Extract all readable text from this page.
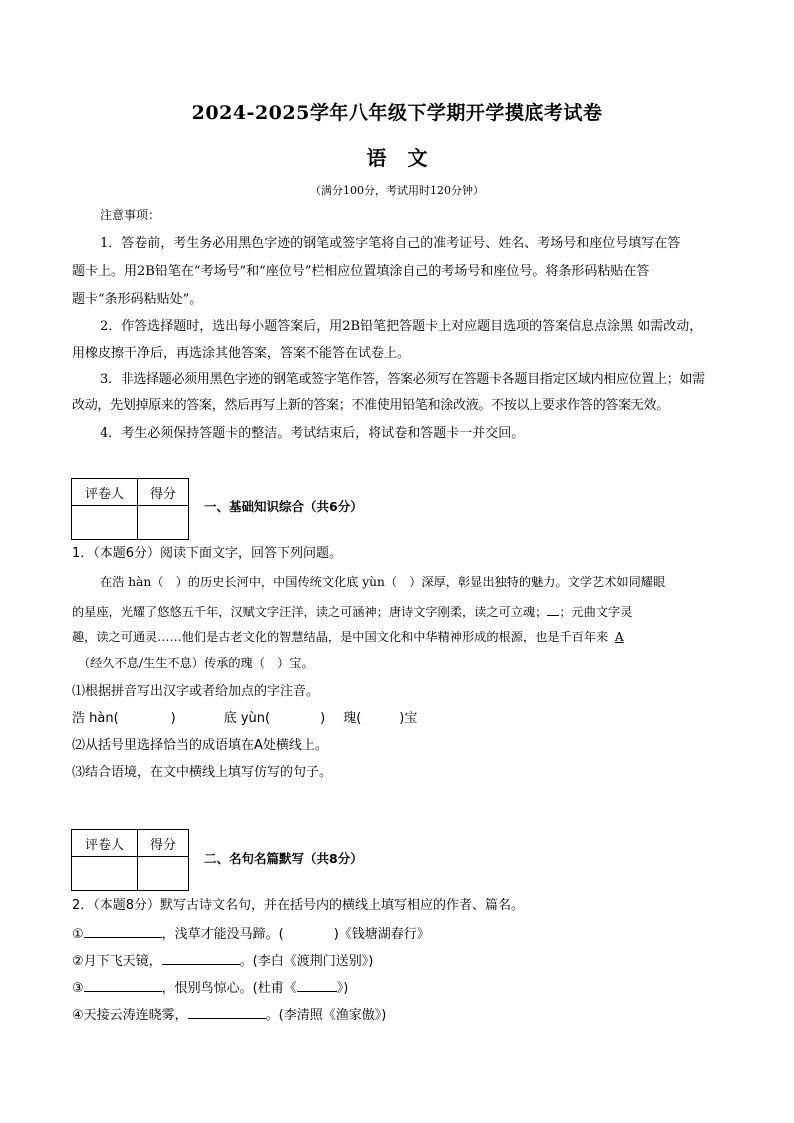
2024-2025学年八年级下学期开学摸底考试卷
语 文
（满分100分，考试用时120分钟）
注意事项：
1．答卷前，考生务必用黑色字迹的钢笔或签字笔将自己的准考证号、姓名、考场号和座位号填写在答
题卡上。用2B铅笔在“考场号”和“座位号”栏相应位置填涂自己的考场号和座位号。将条形码粘贴在答
题卡“条形码粘贴处”。
2．作答选择题时，选出每小题答案后，用2B铅笔把答题卡上对应题目选项的答案信息点涂黑 如需改动，
用橡皮擦干净后，再选涂其他答案，答案不能答在试卷上。
3．非选择题必须用黑色字迹的钢笔或签字笔作答，答案必须写在答题卡各题目指定区域内相应位置上；如需
改动，先划掉原来的答案，然后再写上新的答案；不准使用铅笔和涂改液。不按以上要求作答的答案无效。
4．考生必须保持答题卡的整洁。考试结束后，将试卷和答题卡一并交回。
评卷人	得分

一、基础知识综合（共6分）
1．（本题6分）阅读下面文字，回答下列问题。
在浩 hàn（　）的历史长河中，中国传统文化底 yùn（　）深厚，彰显出独特的魅力。文学艺术如同耀眼
的星座，光耀了悠悠五千年，汉赋文字汪洋，读之可涵神；唐诗文字刚柔，读之可立魂； ；元曲文字灵
趣，读之可通灵……他们是古老文化的智慧结晶，是中国文化和中华精神形成的根源，也是千百年来 A
（经久不息/生生不息）传承的瑰（　）宝。
⑴根据拼音写出汉字或者给加点的字注音。
浩 hàn(	)	底 yùn(	) 瑰(	)宝
⑵从括号里选择恰当的成语填在A处横线上。
⑶结合语境，在文中横线上填写仿写的句子。
评卷人	得分

二、名句名篇默写（共8分）
2．（本题8分）默写古诗文名句，并在括号内的横线上填写相应的作者、篇名。
①	，浅草才能没马蹄。(	)《钱塘湖春行》
②月下飞天镜，	。(李白《渡荆门送别》)
③	，恨别鸟惊心。(杜甫《	》)
④天接云涛连晓雾，	。(李清照《渔家傲》)
